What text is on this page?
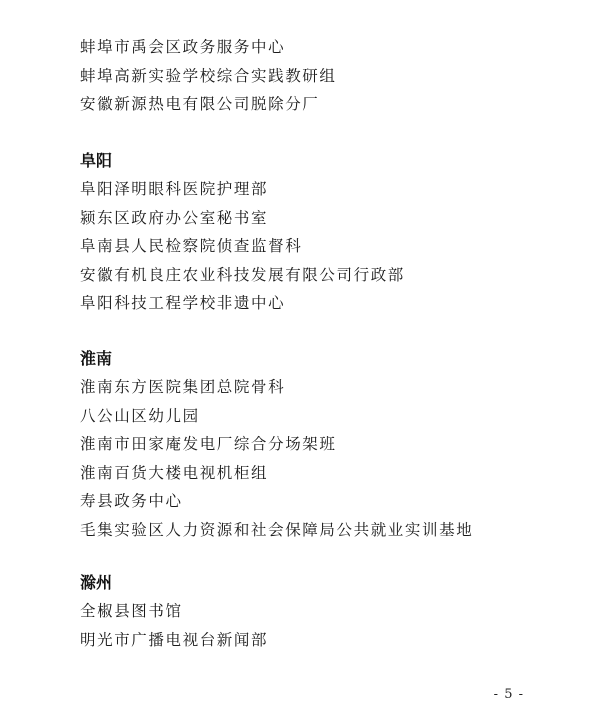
蚌埠市禹会区政务服务中心
蚌埠高新实验学校综合实践教研组
安徽新源热电有限公司脱除分厂
阜阳
阜阳泽明眼科医院护理部
颍东区政府办公室秘书室
阜南县人民检察院侦查监督科
安徽有机良庄农业科技发展有限公司行政部
阜阳科技工程学校非遗中心
淮南
淮南东方医院集团总院骨科
八公山区幼儿园
淮南市田家庵发电厂综合分场架班
淮南百货大楼电视机柜组
寿县政务中心
毛集实验区人力资源和社会保障局公共就业实训基地
滁州
全椒县图书馆
明光市广播电视台新闻部
- 5 -
